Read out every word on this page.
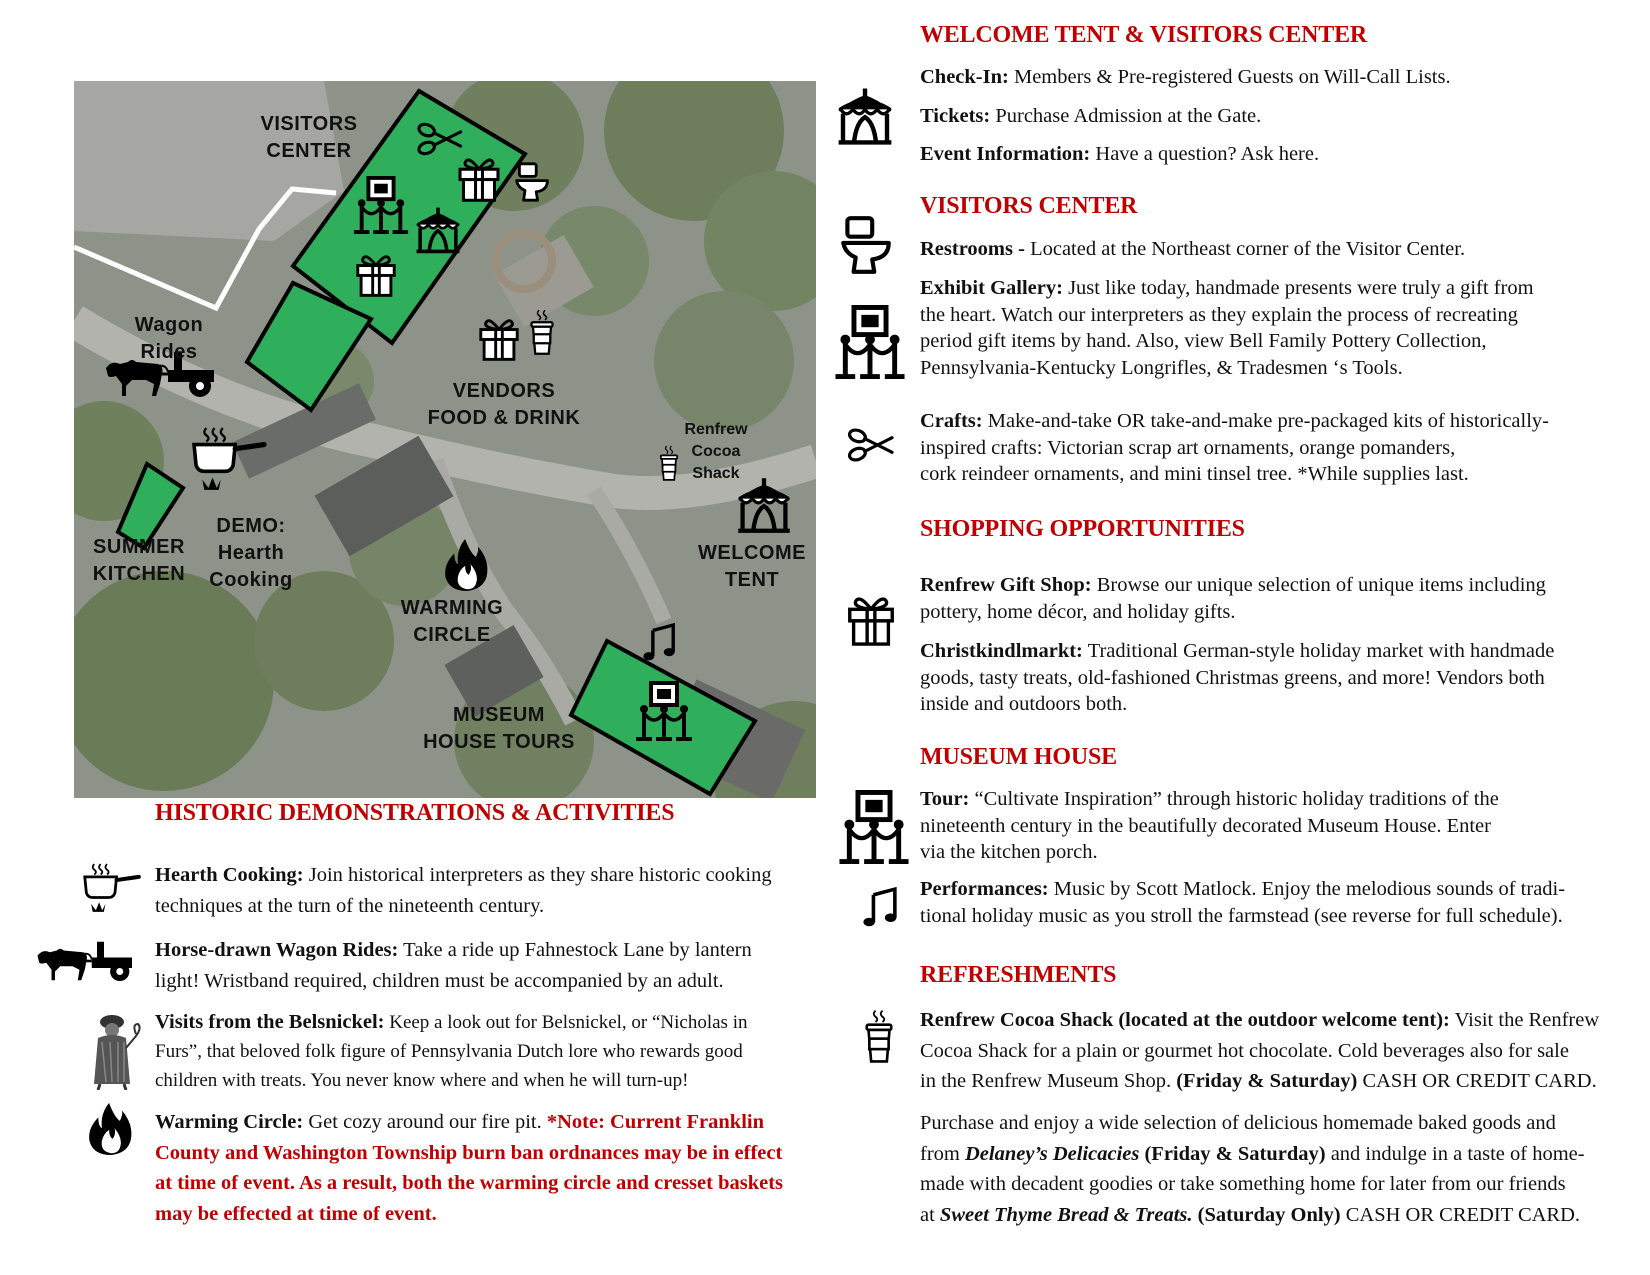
VISITORS
CENTER
Wagon
Rides
VENDORS
FOOD & DRINK
Renfrew
Cocoa
Shack
SUMMER
KITCHEN
DEMO:
Hearth
Cooking
WELCOME
TENT
WARMING
CIRCLE
MUSEUM
HOUSE TOURS
WELCOME TENT & VISITORS CENTER
Check-In: Members & Pre-registered Guests on Will-Call Lists.
Tickets: Purchase Admission at the Gate.
Event Information: Have a question? Ask here.
VISITORS CENTER
Restrooms - Located at the Northeast corner of the Visitor Center.
Exhibit Gallery: Just like today, handmade presents were truly a gift from
the heart. Watch our interpreters as they explain the process of recreating
period gift items by hand. Also, view Bell Family Pottery Collection,
Pennsylvania-Kentucky Longrifles, & Tradesmen ‘s Tools.
Crafts: Make-and-take OR take-and-make pre-packaged kits of historically-
inspired crafts: Victorian scrap art ornaments, orange pomanders,
cork reindeer ornaments, and mini tinsel tree. *While supplies last.
SHOPPING OPPORTUNITIES
Renfrew Gift Shop: Browse our unique selection of unique items including
pottery, home décor, and holiday gifts.
Christkindlmarkt: Traditional German-style holiday market with handmade
goods, tasty treats, old-fashioned Christmas greens, and more! Vendors both
inside and outdoors both.
MUSEUM HOUSE
Tour: “Cultivate Inspiration” through historic holiday traditions of the
nineteenth century in the beautifully decorated Museum House. Enter
via the kitchen porch.
Performances: Music by Scott Matlock. Enjoy the melodious sounds of tradi-
tional holiday music as you stroll the farmstead (see reverse for full schedule).
REFRESHMENTS
Renfrew Cocoa Shack (located at the outdoor welcome tent): Visit the Renfrew
Cocoa Shack for a plain or gourmet hot chocolate. Cold beverages also for sale
in the Renfrew Museum Shop. (Friday & Saturday) CASH OR CREDIT CARD.
Purchase and enjoy a wide selection of delicious homemade baked goods and
from Delaney’s Delicacies (Friday & Saturday) and indulge in a taste of home-
made with decadent goodies or take something home for later from our friends
at Sweet Thyme Bread & Treats. (Saturday Only) CASH OR CREDIT CARD.
HISTORIC DEMONSTRATIONS & ACTIVITIES
Hearth Cooking: Join historical interpreters as they share historic cooking
techniques at the turn of the nineteenth century.
Horse-drawn Wagon Rides: Take a ride up Fahnestock Lane by lantern
light! Wristband required, children must be accompanied by an adult.
Visits from the Belsnickel: Keep a look out for Belsnickel, or “Nicholas in
Furs”, that beloved folk figure of Pennsylvania Dutch lore who rewards good
children with treats. You never know where and when he will turn-up!
Warming Circle: Get cozy around our fire pit. *Note: Current Franklin
County and Washington Township burn ban ordnances may be in effect
at time of event. As a result, both the warming circle and cresset baskets
may be effected at time of event.
